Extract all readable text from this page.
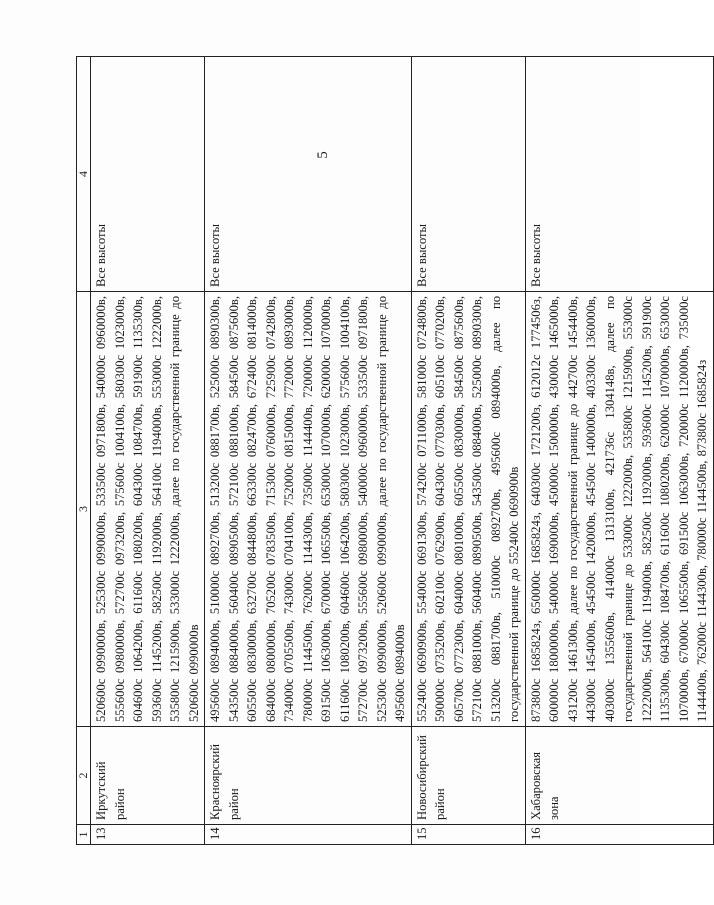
5
1	2	3	4
13	Иркутский район	520600с 0990000в, 525300с 0990000в, 533500с 0971800в, 540000с 0960000в, 555600с 0980000в, 572700с 0973200в, 575600с 1004100в, 580300с 1023000в, 604600с 1064200в, 611600с 1080200в, 604300с 1084700в, 591900с 1135300в, 593600с 1145200в, 582500с 1192000в, 564100с 1194000в, 553000с 1222000в, 535800с 1215900в, 533000с 1222000в, далее по государственной границе до 520600с 0990000в	Все высоты
14	Красноярский район	495600с 0894000в, 510000с 0892700в, 513200с 0881700в, 525000с 0890300в, 543500с 0884000в, 560400с 0890500в, 572100с 0881000в, 584500с 0875600в, 605500с 0830000в, 632700с 0844800в, 663300с 0824700в, 672400с 0814000в, 684000с 0800000в, 705200с 0783500в, 715300с 0760000в, 725900с 0742800в, 734000с 0705500в, 743000с 0704100в, 752000с 0815000в, 772000с 0893000в, 780000с 1144500в, 762000с 1144300в, 735000с 1144400в, 720000с 1120000в, 691500с 1063000в, 670000с 1065500в, 653000с 1070000в, 620000с 1070000в, 611600с 1080200в, 604600с 1064200в, 580300с 1023000в, 575600с 1004100в, 572700с 0973200в, 555600с 0980000в, 540000с 0960000в, 533500с 0971800в, 525300с 0990000в, 520600с 0990000в, далее по государственной границе до 495600с 0894000в	Все высоты
15	Новосибирский район	552400с 0690900в, 554000с 0691300в, 574200с 0711000в, 581000с 0724800в, 590000с 0735200в, 602100с 0762900в, 604300с 0770300в, 605100с 0770200в, 605700с 0772300в, 604000с 0801000в, 605500с 0830000в, 584500с 0875600в, 572100с 0881000в, 560400с 0890500в, 543500с 0884000в, 525000с 0890300в, 513200с 0881700в, 510000с 0892700в, 495600с 0894000в, далее по государственной границе до 552400с 0690900в	Все высоты
16	Хабаровская зона	873800с 1685824з, 650000с 1685824з, 640300с 1721200з, 612012с 1774506з, 600000с 1800000в, 540000с 1690000в, 450000с 1500000в, 430000с 1465000в, 431200с 1461300в, далее по государственной границе до 442700с 1454400в, 443000с 1454000в, 454500с 1420000в, 454500с 1400000в, 403300с 1360000в, 403000с 1355600в, 414000с 1313100в, 421736с 1304148в, далее по государственной границе до 533000с 1222000в, 535800с 1215900в, 553000с 1222000в, 564100с 1194000в, 582500с 1192000в, 593600с 1145200в, 591900с 1135300в, 604300с 1084700в, 611600с 1080200в, 620000с 1070000в, 653000с 1070000в, 670000с 1065500в, 691500с 1063000в, 720000с 1120000в, 735000с 1144400в, 762000с 1144300в, 780000с 1144500в, 873800с 1685824з	Все высоты
